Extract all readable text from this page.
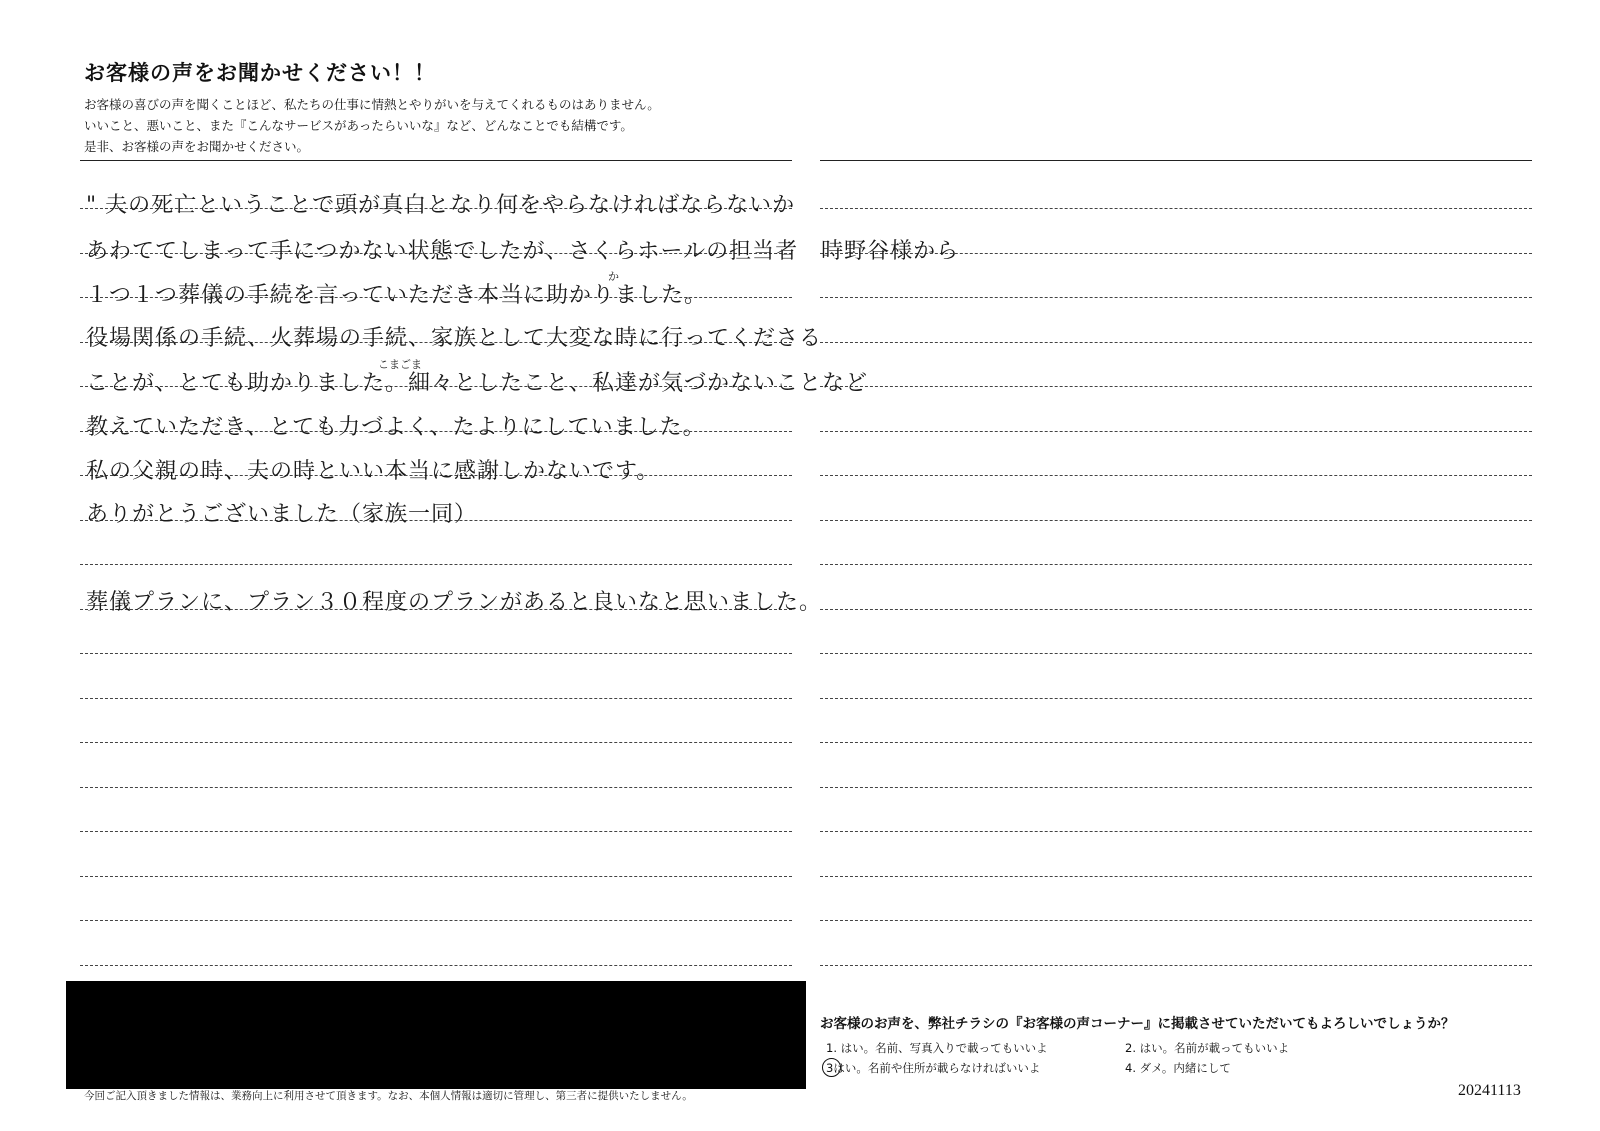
お客様の声をお聞かせください！！
お客様の喜びの声を聞くことほど、私たちの仕事に情熱とやりがいを与えてくれるものはありません。
いいこと、悪いこと、また『こんなサービスがあったらいいな』など、どんなことでも結構です。
是非、お客様の声をお聞かせください。
" 夫の死亡ということで頭が真白となり何をやらなければならないか
あわててしまって手につかない状態でしたが、さくらホールの担当者　時野谷様から
１つ１つ葬儀の手続を言っていただき本当に助かりました。
役場関係の手続、火葬場の手続、家族として大変な時に行ってくださる
ことが、とても助かりました。細々としたこと、私達が気づかないことなど
教えていただき、とても力づよく、たよりにしていました。
私の父親の時、夫の時といい本当に感謝しかないです。
ありがとうございました（家族一同）
葬儀プランに、プラン３０程度のプランがあると良いなと思いました。
こまごま
か
今回ご記入頂きました情報は、業務向上に利用させて頂きます。なお、本個人情報は適切に管理し、第三者に提供いたしません。
お客様のお声を、弊社チラシの『お客様の声コーナー』に掲載させていただいてもよろしいでしょうか？
1. はい。名前、写真入りで載ってもいいよ	2. はい。名前が載ってもいいよ
3はい。名前や住所が載らなければいいよ	4. ダメ。内緒にして
20241113
